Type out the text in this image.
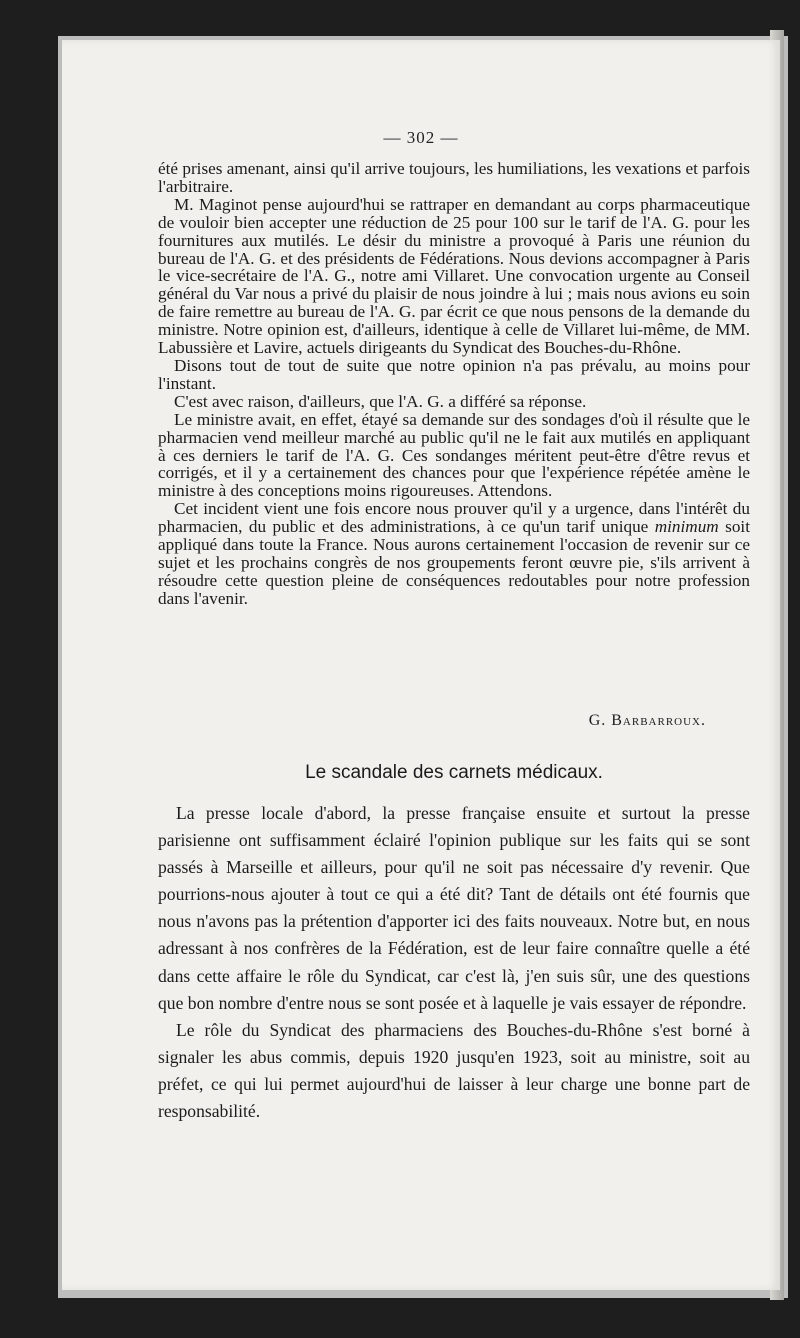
— 302 —

été prises amenant, ainsi qu'il arrive toujours, les humiliations, les vexations et parfois l'arbitraire.

M. Maginot pense aujourd'hui se rattraper en demandant au corps pharmaceutique de vouloir bien accepter une réduction de 25 pour 100 sur le tarif de l'A. G. pour les fournitures aux mutilés. Le désir du ministre a provoqué à Paris une réunion du bureau de l'A. G. et des présidents de Fédérations. Nous devions accompagner à Paris le vice-secrétaire de l'A. G., notre ami Villaret. Une convocation urgente au Conseil général du Var nous a privé du plaisir de nous joindre à lui ; mais nous avions eu soin de faire remettre au bureau de l'A. G. par écrit ce que nous pensons de la demande du ministre. Notre opinion est, d'ailleurs, identique à celle de Villaret lui-même, de MM. Labussière et Lavire, actuels dirigeants du Syndicat des Bouches-du-Rhône.

Disons tout de tout de suite que notre opinion n'a pas prévalu, au moins pour l'instant.

C'est avec raison, d'ailleurs, que l'A. G. a différé sa réponse.

Le ministre avait, en effet, étayé sa demande sur des sondages d'où il résulte que le pharmacien vend meilleur marché au public qu'il ne le fait aux mutilés en appliquant à ces derniers le tarif de l'A. G. Ces sondanges méritent peut-être d'être revus et corrigés, et il y a certainement des chances pour que l'expérience répétée amène le ministre à des conceptions moins rigoureuses. Attendons.

Cet incident vient une fois encore nous prouver qu'il y a urgence, dans l'intérêt du pharmacien, du public et des administrations, à ce qu'un tarif unique minimum soit appliqué dans toute la France. Nous aurons certainement l'occasion de revenir sur ce sujet et les prochains congrès de nos groupements feront œuvre pie, s'ils arrivent à résoudre cette question pleine de conséquences redoutables pour notre profession dans l'avenir.

G. Barbarroux.
Le scandale des carnets médicaux.

La presse locale d'abord, la presse française ensuite et surtout la presse parisienne ont suffisamment éclairé l'opinion publique sur les faits qui se sont passés à Marseille et ailleurs, pour qu'il ne soit pas nécessaire d'y revenir. Que pourrions-nous ajouter à tout ce qui a été dit? Tant de détails ont été fournis que nous n'avons pas la prétention d'apporter ici des faits nouveaux. Notre but, en nous adressant à nos confrères de la Fédération, est de leur faire connaître quelle a été dans cette affaire le rôle du Syndicat, car c'est là, j'en suis sûr, une des questions que bon nombre d'entre nous se sont posée et à laquelle je vais essayer de répondre.

Le rôle du Syndicat des pharmaciens des Bouches-du-Rhône s'est borné à signaler les abus commis, depuis 1920 jusqu'en 1923, soit au ministre, soit au préfet, ce qui lui permet aujourd'hui de laisser à leur charge une bonne part de responsabilité.
